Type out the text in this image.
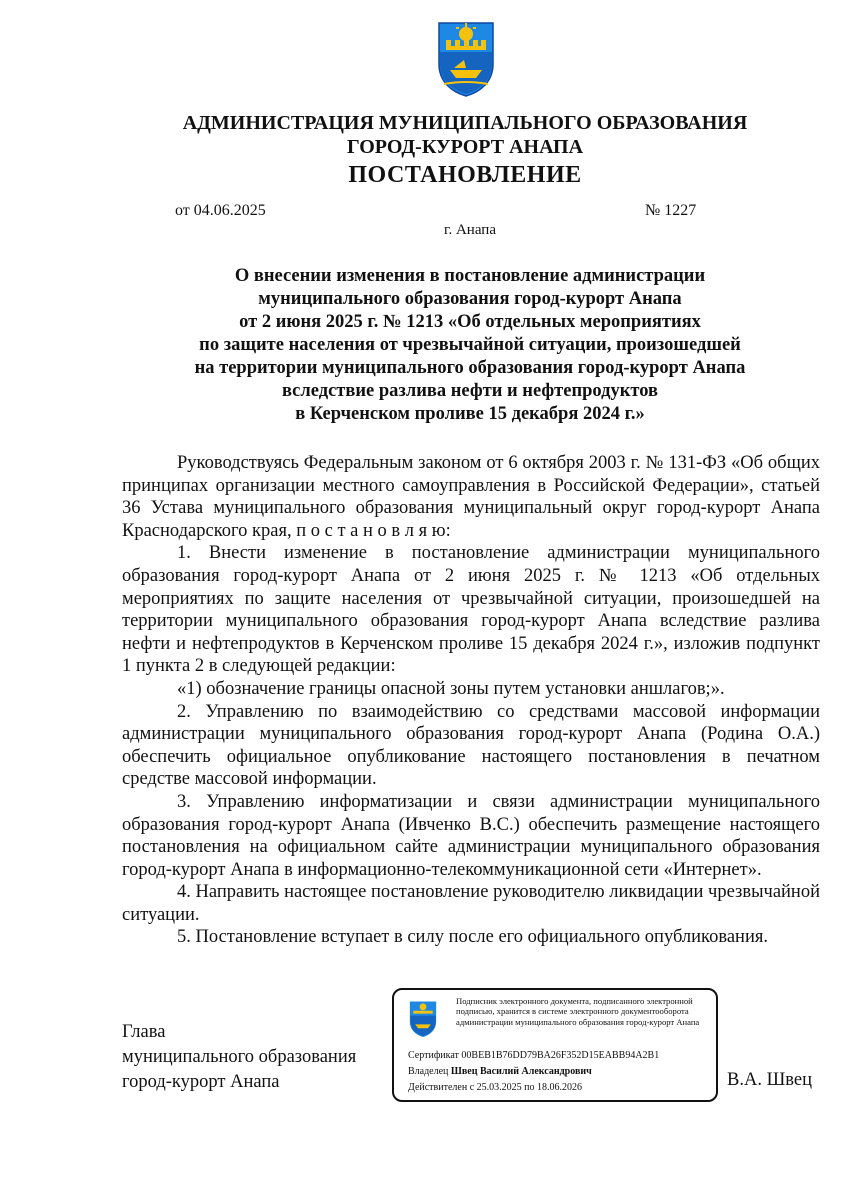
АДМИНИСТРАЦИЯ МУНИЦИПАЛЬНОГО ОБРАЗОВАНИЯ
ГОРОД-КУРОРТ АНАПА
ПОСТАНОВЛЕНИЕ
от 04.06.2025	№ 1227
г. Анапа
О внесении изменения в постановление администрации
муниципального образования город-курорт Анапа
от 2 июня 2025 г. № 1213 «Об отдельных мероприятиях
по защите населения от чрезвычайной ситуации, произошедшей
на территории муниципального образования город-курорт Анапа
вследствие разлива нефти и нефтепродуктов
в Керченском проливе 15 декабря 2024 г.»

Руководствуясь Федеральным законом от 6 октября 2003 г. № 131-ФЗ «Об общих принципах организации местного самоуправления в Российской Федерации», статьей 36 Устава муниципального образования муниципальный округ город-курорт Анапа Краснодарского края, п о с т а н о в л я ю:

1. Внести изменение в постановление администрации муниципального образования город-курорт Анапа от 2 июня 2025 г. № 1213 «Об отдельных мероприятиях по защите населения от чрезвычайной ситуации, произошедшей на территории муниципального образования город-курорт Анапа вследствие разлива нефти и нефтепродуктов в Керченском проливе 15 декабря 2024 г.», изложив подпункт 1 пункта 2 в следующей редакции:

«1) обозначение границы опасной зоны путем установки аншлагов;».

2. Управлению по взаимодействию со средствами массовой информации администрации муниципального образования город-курорт Анапа (Родина О.А.) обеспечить официальное опубликование настоящего постановления в печатном средстве массовой информации.

3. Управлению информатизации и связи администрации муниципального образования город-курорт Анапа (Ивченко В.С.) обеспечить размещение настоящего постановления на официальном сайте администрации муниципального образования город-курорт Анапа в информационно-телекоммуникационной сети «Интернет».

4. Направить настоящее постановление руководителю ликвидации чрезвычайной ситуации.

5. Постановление вступает в силу после его официального опубликования.

Глава
муниципального образования
город-курорт Анапа
Подписник электронного документа, подписанного электронной подписью, хранится в системе электронного документооборота администрации муниципального образования город-курорт Анапа
Сертификат 00BEB1B76DD79BA26F352D15EABB94A2B1
Владелец Швец Василий Александрович
Действителен с 25.03.2025 по 18.06.2026	В.А. Швец
